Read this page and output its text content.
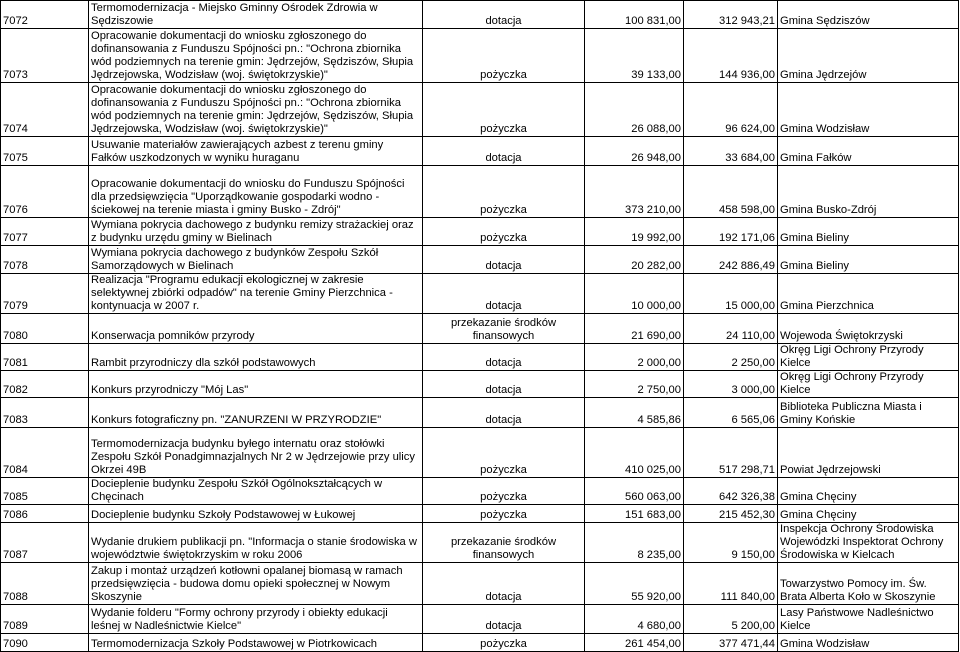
7072	Termomodernizacja - Miejsko Gminny Ośrodek Zdrowia w Sędziszowie	dotacja	100 831,00	312 943,21	Gmina Sędziszów
7073	Opracowanie dokumentacji do wniosku zgłoszonego do dofinansowania z Funduszu Spójności pn.: "Ochrona zbiornika wód podziemnych na terenie gmin: Jędrzejów, Sędziszów, Słupia Jędrzejowska, Wodzisław (woj. świętokrzyskie)"	pożyczka	39 133,00	144 936,00	Gmina Jędrzejów
7074	Opracowanie dokumentacji do wniosku zgłoszonego do dofinansowania z Funduszu Spójności pn.: "Ochrona zbiornika wód podziemnych na terenie gmin: Jędrzejów, Sędziszów, Słupia Jędrzejowska, Wodzisław (woj. świętokrzyskie)"	pożyczka	26 088,00	96 624,00	Gmina Wodzisław
7075	Usuwanie materiałów zawierających azbest z terenu gminy Fałków uszkodzonych w wyniku huraganu	dotacja	26 948,00	33 684,00	Gmina Fałków
7076	Opracowanie dokumentacji do wniosku do Funduszu Spójności dla przedsięwzięcia "Uporządkowanie gospodarki wodno - ściekowej na terenie miasta i gminy Busko - Zdrój"	pożyczka	373 210,00	458 598,00	Gmina Busko-Zdrój
7077	Wymiana pokrycia dachowego z budynku remizy strażackiej oraz z budynku urzędu gminy w Bielinach	pożyczka	19 992,00	192 171,06	Gmina Bieliny
7078	Wymiana pokrycia dachowego z budynków Zespołu Szkół Samorządowych w Bielinach	dotacja	20 282,00	242 886,49	Gmina Bieliny
7079	Realizacja "Programu edukacji ekologicznej w zakresie selektywnej zbiórki odpadów" na terenie Gminy Pierzchnica - kontynuacja w 2007 r.	dotacja	10 000,00	15 000,00	Gmina Pierzchnica
7080	Konserwacja pomników przyrody	przekazanie środków finansowych	21 690,00	24 110,00	Wojewoda Świętokrzyski
7081	Rambit przyrodniczy dla szkół podstawowych	dotacja	2 000,00	2 250,00	Okręg Ligi Ochrony Przyrody Kielce
7082	Konkurs przyrodniczy "Mój Las"	dotacja	2 750,00	3 000,00	Okręg Ligi Ochrony Przyrody Kielce
7083	Konkurs fotograficzny pn. "ZANURZENI W PRZYRODZIE"	dotacja	4 585,86	6 565,06	Biblioteka Publiczna Miasta i Gminy Końskie
7084	Termomodernizacja budynku byłego internatu oraz stołówki Zespołu Szkół Ponadgimnazjalnych Nr 2 w Jędrzejowie przy ulicy Okrzei 49B	pożyczka	410 025,00	517 298,71	Powiat Jędrzejowski
7085	Docieplenie budynku Zespołu Szkół Ogólnokształcących w Chęcinach	pożyczka	560 063,00	642 326,38	Gmina Chęciny
7086	Docieplenie budynku Szkoły Podstawowej w Łukowej	pożyczka	151 683,00	215 452,30	Gmina Chęciny
7087	Wydanie drukiem publikacji pn. "Informacja o stanie środowiska w województwie świętokrzyskim w roku 2006	przekazanie środków finansowych	8 235,00	9 150,00	Inspekcja Ochrony Środowiska Wojewódzki Inspektorat Ochrony Środowiska w Kielcach
7088	Zakup i montaż urządzeń kotłowni opalanej biomasą w ramach przedsięwzięcia - budowa domu opieki społecznej w Nowym Skoszynie	dotacja	55 920,00	111 840,00	Towarzystwo Pomocy im. Św. Brata Alberta Koło w Skoszynie
7089	Wydanie folderu "Formy ochrony przyrody i obiekty edukacji leśnej w Nadleśnictwie Kielce"	dotacja	4 680,00	5 200,00	Lasy Państwowe Nadleśnictwo Kielce
7090	Termomodernizacja Szkoły Podstawowej w Piotrkowicach	pożyczka	261 454,00	377 471,44	Gmina Wodzisław
